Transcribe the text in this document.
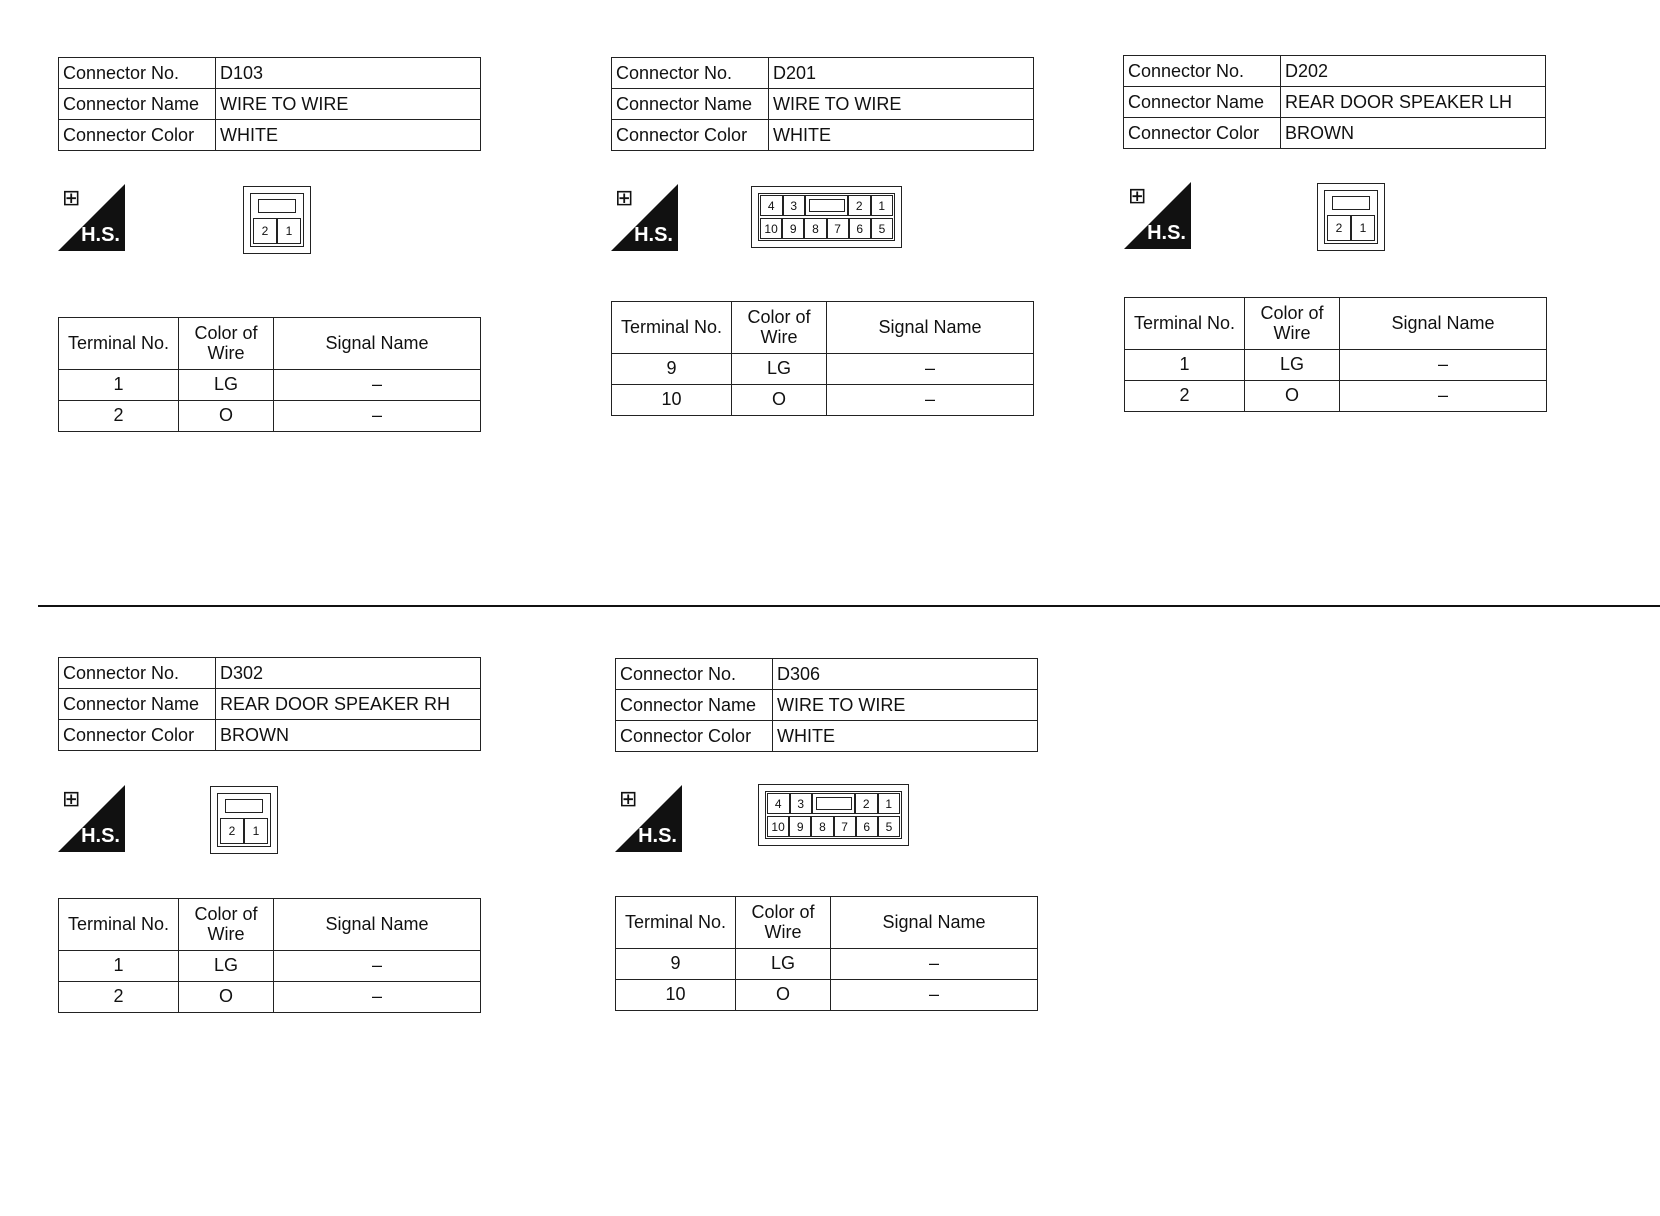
Connector No.	D103
Connector Name	WIRE TO WIRE
Connector Color	WHITE
⊞
H.S.	2	1
Terminal No.	Color of Wire	Signal Name
1	LG	–
2	O	–
Connector No.	D201
Connector Name	WIRE TO WIRE
Connector Color	WHITE
⊞
H.S.
4	3	2	1
10	9	8	7	6	5
Terminal No.	Color of Wire	Signal Name
9	LG	–
10	O	–
Connector No.	D202
Connector Name	REAR DOOR SPEAKER LH
Connector Color	BROWN
⊞
H.S.	2	1
Terminal No.	Color of Wire	Signal Name
1	LG	–
2	O	–
Connector No.	D302
Connector Name	REAR DOOR SPEAKER RH
Connector Color	BROWN
⊞
H.S.	2	1
Terminal No.	Color of Wire	Signal Name
1	LG	–
2	O	–
Connector No.	D306
Connector Name	WIRE TO WIRE
Connector Color	WHITE
⊞
H.S.
4	3	2	1
10	9	8	7	6	5
Terminal No.	Color of Wire	Signal Name
9	LG	–
10	O	–
